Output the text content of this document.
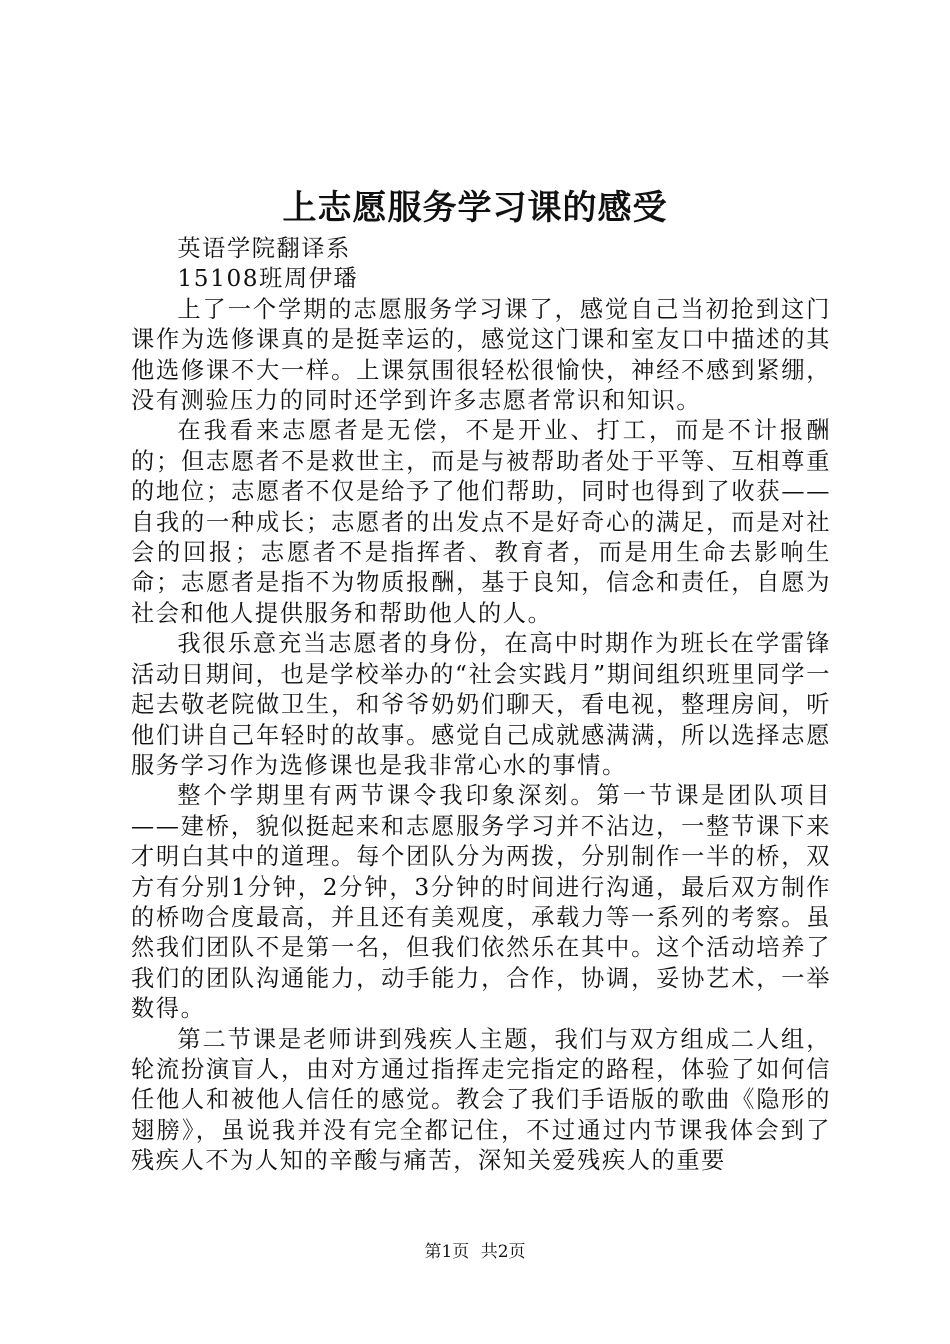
上志愿服务学习课的感受

英语学院翻译系

15108班周伊璠

上了一个学期的志愿服务学习课了，感觉自己当初抢到这门课作为选修课真的是挺幸运的，感觉这门课和室友口中描述的其他选修课不大一样。上课氛围很轻松很愉快，神经不感到紧绷，没有测验压力的同时还学到许多志愿者常识和知识。

在我看来志愿者是无偿，不是开业、打工，而是不计报酬的；但志愿者不是救世主，而是与被帮助者处于平等、互相尊重的地位；志愿者不仅是给予了他们帮助，同时也得到了收获——自我的一种成长；志愿者的出发点不是好奇心的满足，而是对社会的回报；志愿者不是指挥者、教育者，而是用生命去影响生命；志愿者是指不为物质报酬，基于良知，信念和责任，自愿为社会和他人提供服务和帮助他人的人。

我很乐意充当志愿者的身份，在高中时期作为班长在学雷锋活动日期间，也是学校举办的“社会实践月”期间组织班里同学一起去敬老院做卫生，和爷爷奶奶们聊天，看电视，整理房间，听他们讲自己年轻时的故事。感觉自己成就感满满，所以选择志愿服务学习作为选修课也是我非常心水的事情。

整个学期里有两节课令我印象深刻。第一节课是团队项目——建桥，貌似挺起来和志愿服务学习并不沾边，一整节课下来才明白其中的道理。每个团队分为两拨，分别制作一半的桥，双方有分别1分钟，2分钟，3分钟的时间进行沟通，最后双方制作的桥吻合度最高，并且还有美观度，承载力等一系列的考察。虽然我们团队不是第一名，但我们依然乐在其中。这个活动培养了我们的团队沟通能力，动手能力，合作，协调，妥协艺术，一举数得。

第二节课是老师讲到残疾人主题，我们与双方组成二人组，轮流扮演盲人，由对方通过指挥走完指定的路程，体验了如何信任他人和被他人信任的感觉。教会了我们手语版的歌曲《隐形的翅膀》，虽说我并没有完全都记住，不过通过内节课我体会到了残疾人不为人知的辛酸与痛苦，深知关爱残疾人的重要

第1页 共2页
